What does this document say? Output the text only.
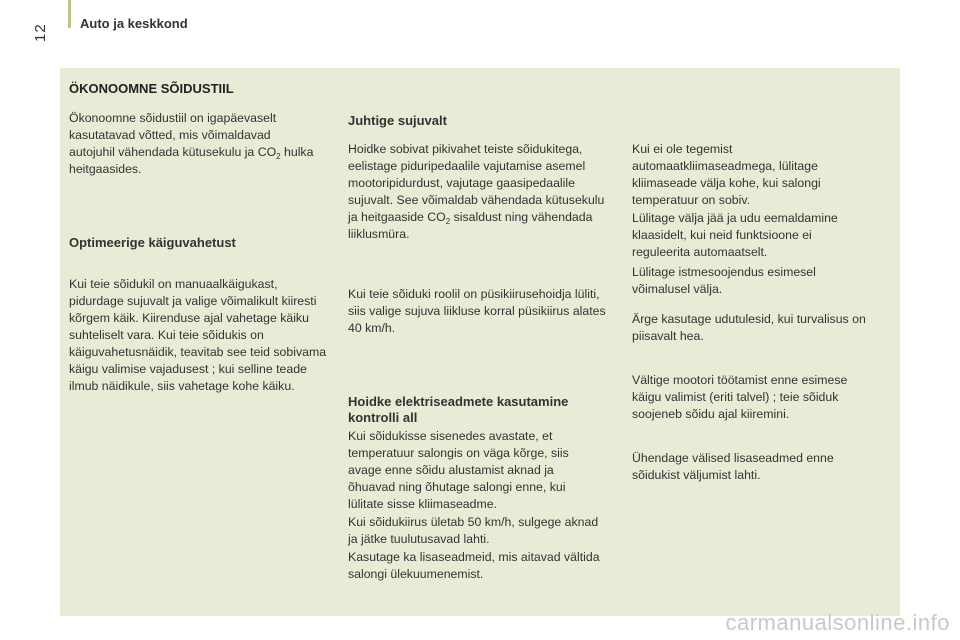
Auto ja keskkond
12
ÖKONOOMNE SÕIDUSTIIL

Ökonoomne sõidustiil on igapäevaselt kasutatavad võtted, mis võimaldavad autojuhil vähendada kütusekulu ja $CO_2$ hulka heitgaasides.

Optimeerige käiguvahetust

Kui teie sõidukil on manuaalkäigukast, pidurdage sujuvalt ja valige võimalikult kiiresti kõrgem käik. Kiirenduse ajal vahetage käiku suhteliselt vara. Kui teie sõidukis on käiguvahetusnäidik, teavitab see teid sobivama käigu valimise vajadusest ; kui selline teade ilmub näidikule, siis vahetage kohe käiku.

Juhtige sujuvalt

Hoidke sobivat pikivahet teiste sõidukitega, eelistage piduripedaalile vajutamise asemel mootoripidurdust, vajutage gaasipedaalile sujuvalt. See võimaldab vähendada kütusekulu ja heitgaaside $CO_2$ sisaldust ning vähendada liiklusmüra.

Kui teie sõiduki roolil on püsikiirusehoidja lüliti, siis valige sujuva liikluse korral püsikiirus alates 40 km/h.

Hoidke elektriseadmete kasutamine kontrolli all

Kui sõidukisse sisenedes avastate, et temperatuur salongis on väga kõrge, siis avage enne sõidu alustamist aknad ja õhuavad ning õhutage salongi enne, kui lülitate sisse kliimaseadme.

Kui sõidukiirus ületab 50 km/h, sulgege aknad ja jätke tuulutusavad lahti.

Kasutage ka lisaseadmeid, mis aitavad vältida salongi ülekuumenemist.

Kui ei ole tegemist automaatkliimaseadmega, lülitage kliimaseade välja kohe, kui salongi temperatuur on sobiv.

Lülitage välja jää ja udu eemaldamine klaasidelt, kui neid funktsioone ei reguleerita automaatselt.

Lülitage istmesoojendus esimesel võimalusel välja.

Ärge kasutage udutulesid, kui turvalisus on piisavalt hea.

Vältige mootori töötamist enne esimese käigu valimist (eriti talvel) ; teie sõiduk soojeneb sõidu ajal kiiremini.

Ühendage välised lisaseadmed enne sõidukist väljumist lahti.

carmanualsonline.info
